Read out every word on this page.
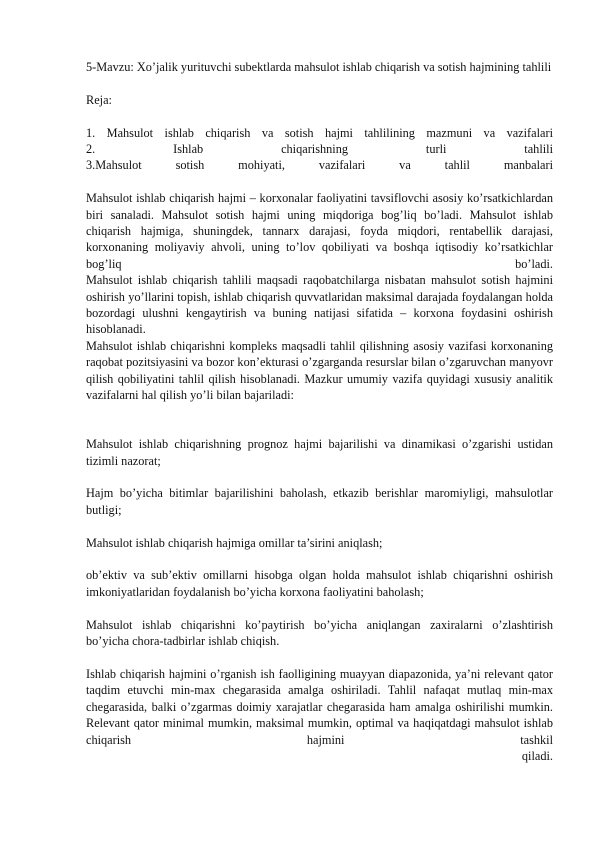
5-Mavzu: Xo’jalik yurituvchi subektlarda mahsulot ishlab chiqarish va sotish hajmining tahlili

Reja:

1. Mahsulot ishlab chiqarish va sotish hajmi tahlilining mazmuni va vazifalari

2. Ishlab chiqarishning turli tahlili

3.Mahsulot sotish mohiyati, vazifalari va tahlil manbalari

Mahsulot ishlab chiqarish hajmi – korxonalar faoliyatini tavsiflovchi asosiy ko’rsatkichlardan biri sanaladi. Mahsulot sotish hajmi uning miqdoriga bog’liq bo’ladi. Mahsulot ishlab chiqarish hajmiga, shuningdek, tannarx darajasi, foyda miqdori, rentabellik darajasi, korxonaning moliyaviy ahvoli, uning to’lov qobiliyati va boshqa iqtisodiy ko’rsatkichlar bog’liq bo’ladi.

Mahsulot ishlab chiqarish tahlili maqsadi raqobatchilarga nisbatan mahsulot sotish hajmini oshirish yo’llarini topish, ishlab chiqarish quvvatlaridan maksimal darajada foydalangan holda bozordagi ulushni kengaytirish va buning natijasi sifatida – korxona foydasini oshirish hisoblanadi.

Mahsulot ishlab chiqarishni kompleks maqsadli tahlil qilishning asosiy vazifasi korxonaning raqobat pozitsiyasini va bozor kon’ekturasi o’zgarganda resurslar bilan o’zgaruvchan manyovr qilish qobiliyatini tahlil qilish hisoblanadi. Mazkur umumiy vazifa quyidagi xususiy analitik vazifalarni hal qilish yo’li bilan bajariladi:

Mahsulot ishlab chiqarishning prognoz hajmi bajarilishi va dinamikasi o’zgarishi ustidan tizimli nazorat;

Hajm bo’yicha bitimlar bajarilishini baholash, etkazib berishlar maromiyligi, mahsulotlar butligi;

Mahsulot ishlab chiqarish hajmiga omillar ta’sirini aniqlash;

ob’ektiv va sub’ektiv omillarni hisobga olgan holda mahsulot ishlab chiqarishni oshirish imkoniyatlaridan foydalanish bo’yicha korxona faoliyatini baholash;

Mahsulot ishlab chiqarishni ko’paytirish bo’yicha aniqlangan zaxiralarni o’zlashtirish bo’yicha chora-tadbirlar ishlab chiqish.

Ishlab chiqarish hajmini o’rganish ish faolligining muayyan diapazonida, ya’ni relevant qator taqdim etuvchi min-max chegarasida amalga oshiriladi. Tahlil nafaqat mutlaq min-max chegarasida, balki o’zgarmas doimiy xarajatlar chegarasida ham amalga oshirilishi mumkin. Relevant qator minimal mumkin, maksimal mumkin, optimal va haqiqatdagi mahsulot ishlab chiqarish hajmini tashkil

qiladi.
